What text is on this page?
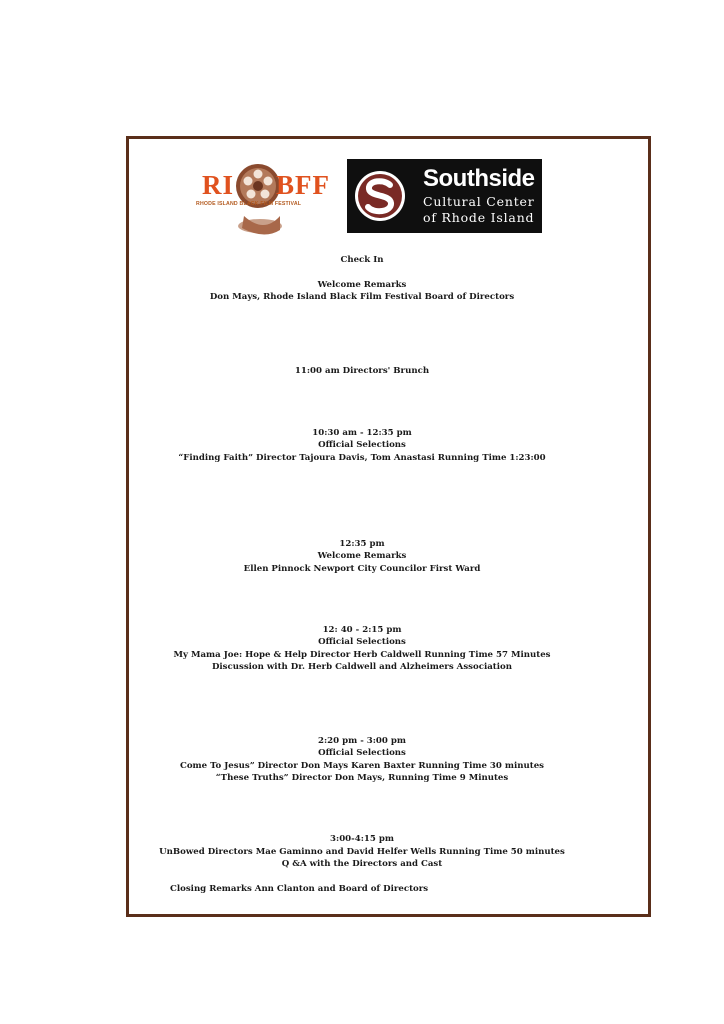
RI BFF
RHODE ISLAND BLACK FILM FESTIVAL
Southside
Cultural Center
of Rhode Island
Check In
Welcome Remarks
Don Mays, Rhode Island Black Film Festival Board of Directors
11:00 am Directors' Brunch
10:30 am - 12:35 pm
Official Selections
“Finding Faith” Director Tajoura Davis, Tom Anastasi Running Time 1:23:00
12:35 pm
Welcome Remarks
Ellen Pinnock Newport City Councilor First Ward
12: 40 - 2:15 pm
Official Selections
My Mama Joe: Hope & Help Director Herb Caldwell Running Time 57 Minutes
Discussion with Dr. Herb Caldwell and Alzheimers Association
2:20 pm - 3:00 pm
Official Selections
Come To Jesus” Director Don Mays Karen Baxter Running Time 30 minutes
“These Truths” Director Don Mays, Running Time 9 Minutes
3:00-4:15 pm
UnBowed Directors Mae Gaminno and David Helfer Wells Running Time 50 minutes
Q &A with the Directors and Cast
Closing Remarks Ann Clanton and Board of Directors
